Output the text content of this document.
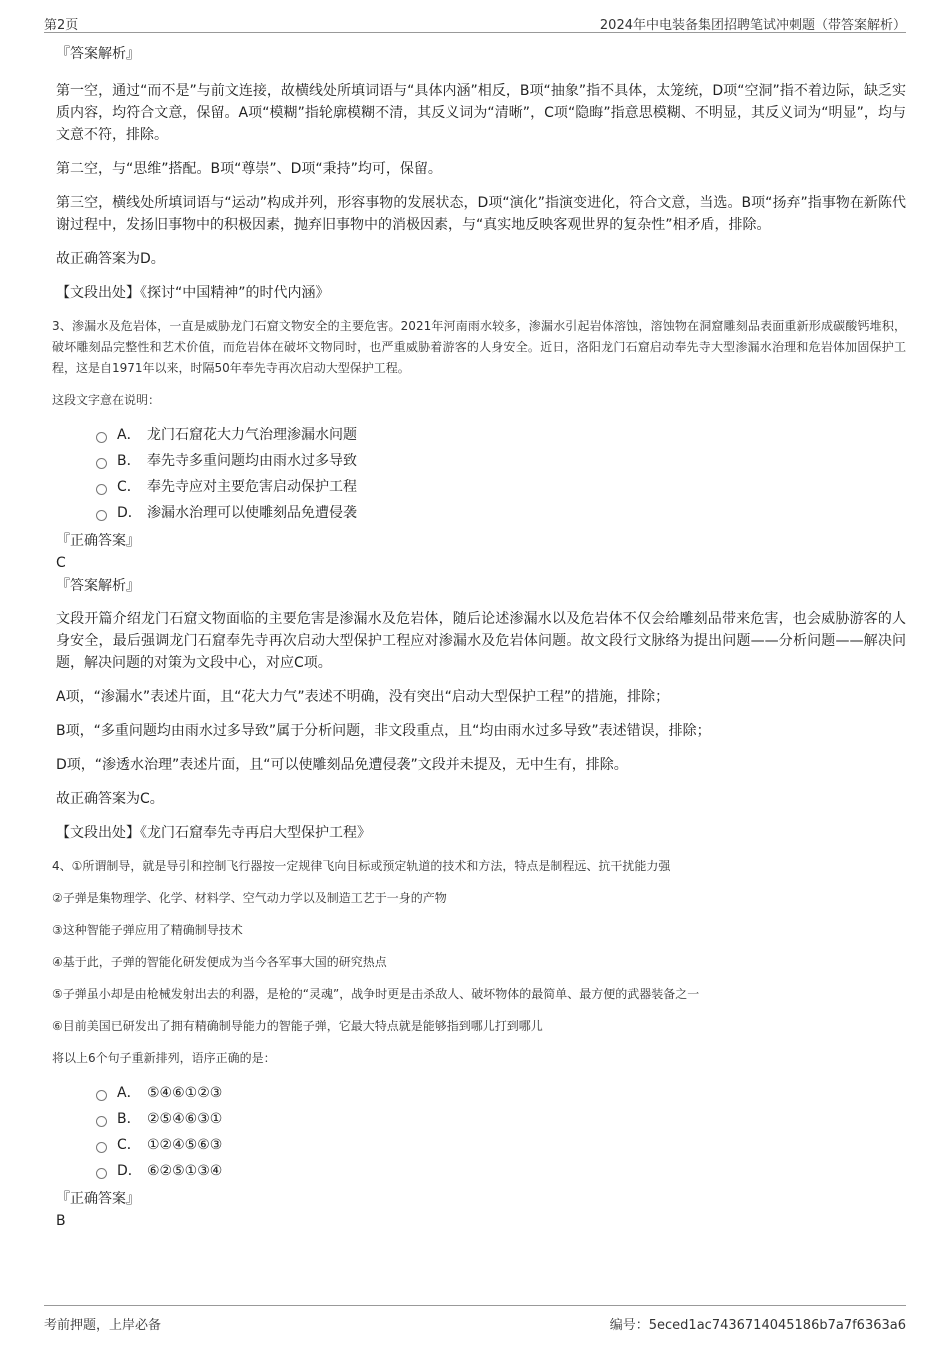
第2页	2024年中电装备集团招聘笔试冲刺题（带答案解析）

『答案解析』

第一空，通过“而不是”与前文连接，故横线处所填词语与“具体内涵”相反，B项“抽象”指不具体，太笼统，D项“空洞”指不着边际，缺乏实质内容，均符合文意，保留。A项“模糊”指轮廓模糊不清，其反义词为“清晰”，C项“隐晦”指意思模糊、不明显，其反义词为“明显”，均与文意不符，排除。

第二空，与“思维”搭配。B项“尊崇”、D项“秉持”均可，保留。

第三空，横线处所填词语与“运动”构成并列，形容事物的发展状态，D项“演化”指演变进化，符合文意，当选。B项“扬弃”指事物在新陈代谢过程中，发扬旧事物中的积极因素，抛弃旧事物中的消极因素，与“真实地反映客观世界的复杂性”相矛盾，排除。

故正确答案为D。

【文段出处】《探讨“中国精神”的时代内涵》

3、渗漏水及危岩体，一直是威胁龙门石窟文物安全的主要危害。2021年河南雨水较多，渗漏水引起岩体溶蚀，溶蚀物在洞窟雕刻品表面重新形成碳酸钙堆积，破坏雕刻品完整性和艺术价值，而危岩体在破坏文物同时，也严重威胁着游客的人身安全。近日，洛阳龙门石窟启动奉先寺大型渗漏水治理和危岩体加固保护工程，这是自1971年以来，时隔50年奉先寺再次启动大型保护工程。

这段文字意在说明：

A． 龙门石窟花大力气治理渗漏水问题
B． 奉先寺多重问题均由雨水过多导致
C． 奉先寺应对主要危害启动保护工程
D． 渗漏水治理可以使雕刻品免遭侵袭

『正确答案』

C

『答案解析』

文段开篇介绍龙门石窟文物面临的主要危害是渗漏水及危岩体，随后论述渗漏水以及危岩体不仅会给雕刻品带来危害，也会威胁游客的人身安全，最后强调龙门石窟奉先寺再次启动大型保护工程应对渗漏水及危岩体问题。故文段行文脉络为提出问题——分析问题——解决问题，解决问题的对策为文段中心，对应C项。

A项，“渗漏水”表述片面，且“花大力气”表述不明确，没有突出“启动大型保护工程”的措施，排除；

B项，“多重问题均由雨水过多导致”属于分析问题，非文段重点，且“均由雨水过多导致”表述错误，排除；

D项，“渗透水治理”表述片面，且“可以使雕刻品免遭侵袭”文段并未提及，无中生有，排除。

故正确答案为C。

【文段出处】《龙门石窟奉先寺再启大型保护工程》

4、①所谓制导，就是导引和控制飞行器按一定规律飞向目标或预定轨道的技术和方法，特点是制程远、抗干扰能力强

②子弹是集物理学、化学、材料学、空气动力学以及制造工艺于一身的产物

③这种智能子弹应用了精确制导技术

④基于此，子弹的智能化研发便成为当今各军事大国的研究热点

⑤子弹虽小却是由枪械发射出去的利器，是枪的“灵魂”，战争时更是击杀敌人、破坏物体的最简单、最方便的武器装备之一

⑥目前美国已研发出了拥有精确制导能力的智能子弹，它最大特点就是能够指到哪儿打到哪儿

将以上6个句子重新排列，语序正确的是：

A． ⑤④⑥①②③
B． ②⑤④⑥③①
C． ①②④⑤⑥③
D． ⑥②⑤①③④

『正确答案』

B

考前押题，上岸必备	编号：5eced1ac7436714045186b7a7f6363a6
